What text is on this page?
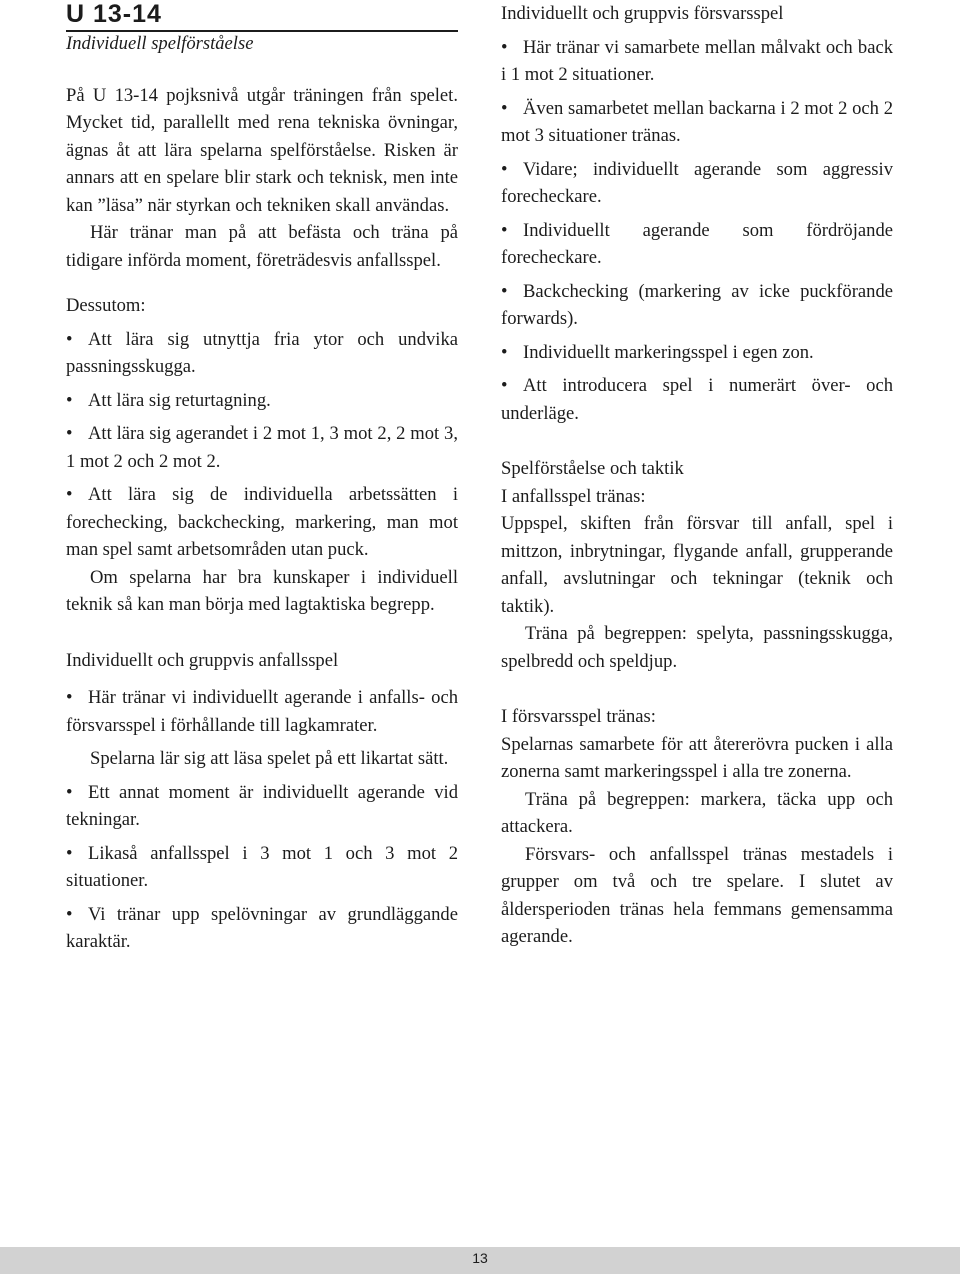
U 13-14

Individuell spelförståelse

På U 13-14 pojksnivå utgår träningen från spelet. Mycket tid, parallellt med rena tekniska övningar, ägnas åt att lära spelarna spelförståelse. Risken är annars att en spelare blir stark och teknisk, men inte kan ”läsa” när styrkan och tekniken skall användas.

Här tränar man på att befästa och träna på tidigare införda moment, företrädesvis anfallsspel.

Dessutom:

• Att lära sig utnyttja fria ytor och undvika passningsskugga.

• Att lära sig returtagning.

• Att lära sig agerandet i 2 mot 1, 3 mot 2, 2 mot 3, 1 mot 2 och 2 mot 2.

• Att lära sig de individuella arbetssätten i forechecking, backchecking, markering, man mot man spel samt arbetsområden utan puck.

Om spelarna har bra kunskaper i individuell teknik så kan man börja med lagtaktiska begrepp.

Individuellt och gruppvis anfallsspel

• Här tränar vi individuellt agerande i anfalls- och försvarsspel i förhållande till lagkamrater.

Spelarna lär sig att läsa spelet på ett likartat sätt.

• Ett annat moment är individuellt agerande vid tekningar.

• Likaså anfallsspel i 3 mot 1 och 3 mot 2 situationer.

• Vi tränar upp spelövningar av grundläggande karaktär.

Individuellt och gruppvis försvarsspel

• Här tränar vi samarbete mellan målvakt och back i 1 mot 2 situationer.

• Även samarbetet mellan backarna i 2 mot 2 och 2 mot 3 situationer tränas.

• Vidare; individuellt agerande som aggressiv forecheckare.

• Individuellt agerande som fördröjande forecheckare.

• Backchecking (markering av icke puckförande forwards).

• Individuellt markeringsspel i egen zon.

• Att introducera spel i numerärt över- och underläge.

Spelförståelse och taktik

I anfallsspel tränas:

Uppspel, skiften från försvar till anfall, spel i mittzon, inbrytningar, flygande anfall, grupperande anfall, avslutningar och tekningar (teknik och taktik).

Träna på begreppen: spelyta, passningsskugga, spelbredd och speldjup.

I försvarsspel tränas:

Spelarnas samarbete för att återerövra pucken i alla zonerna samt markeringsspel i alla tre zonerna.

Träna på begreppen: markera, täcka upp och attackera.

Försvars- och anfallsspel tränas mestadels i grupper om två och tre spelare. I slutet av åldersperioden tränas hela femmans gemensamma agerande.

13
